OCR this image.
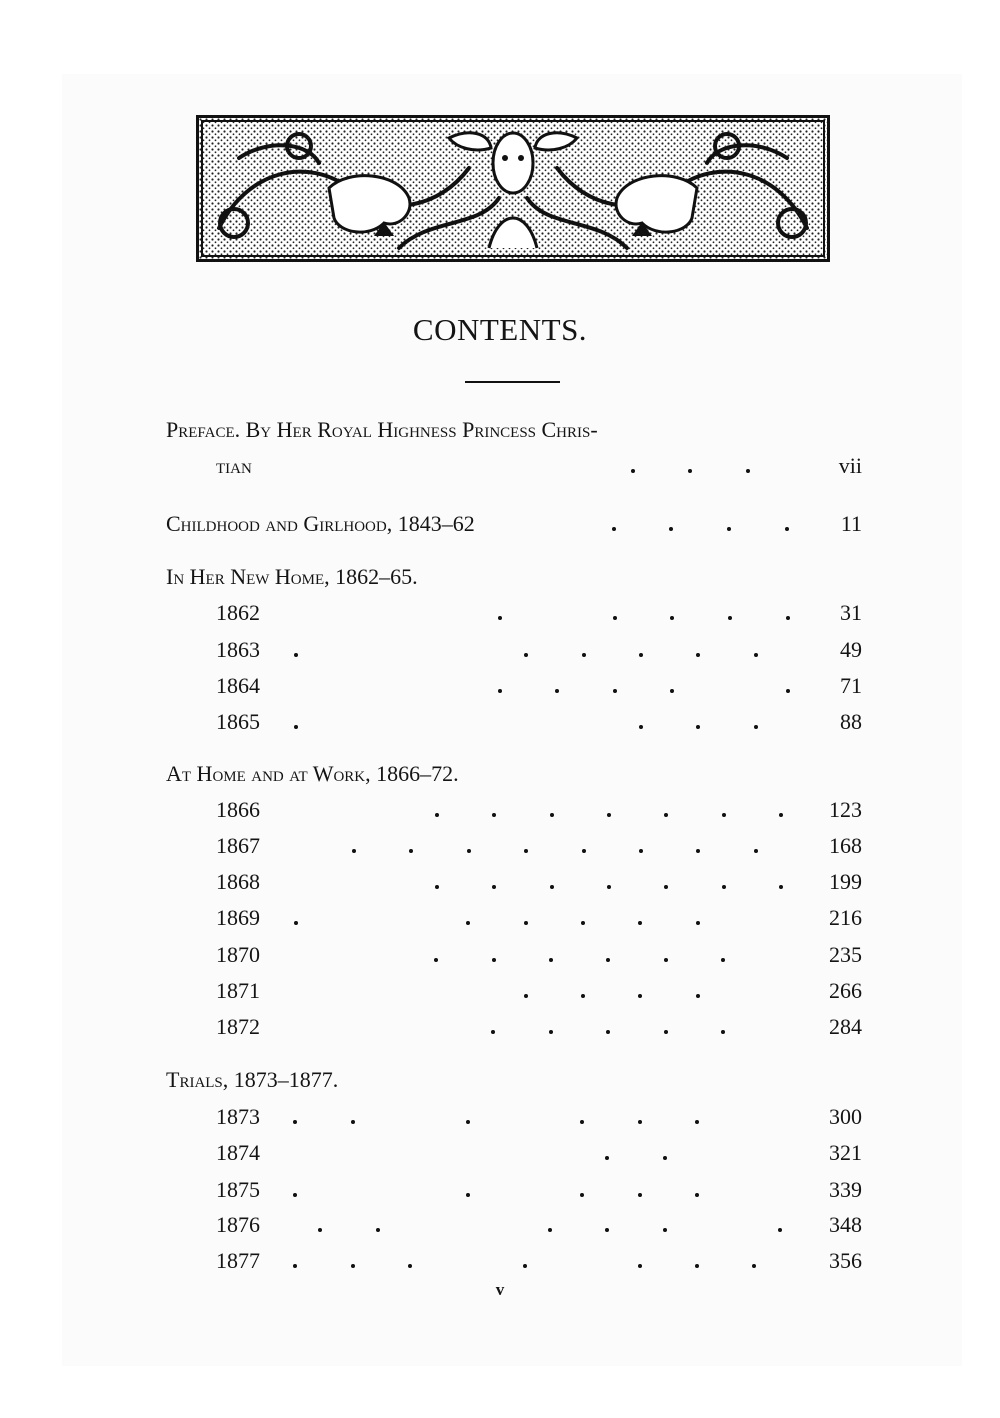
CONTENTS.
Preface. By Her Royal Highness Princess Chris-
tian	vii
Childhood and Girlhood, 1843–62	11
In Her New Home, 1862–65.
1862	31
1863	49
1864	71
1865	88
At Home and at Work, 1866–72.
1866	123
1867	168
1868	199
1869	216
1870	235
1871	266
1872	284
Trials, 1873–1877.
1873	300
1874	321
1875	339
1876	348
1877	356
v
